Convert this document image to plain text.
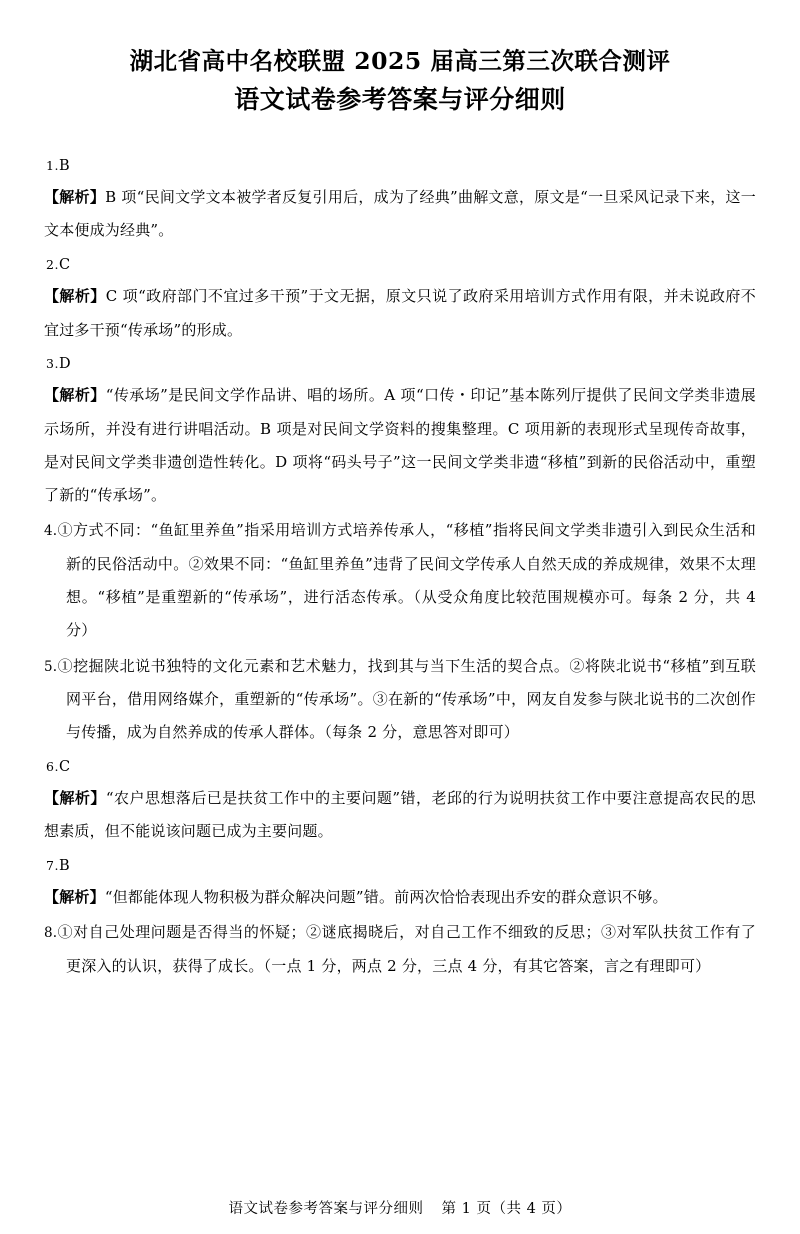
湖北省高中名校联盟 2025 届高三第三次联合测评
语文试卷参考答案与评分细则
1.B
【解析】B 项“民间文学文本被学者反复引用后，成为了经典”曲解文意，原文是“一旦采风记录下来，这一文本便成为经典”。
2.C
【解析】C 项“政府部门不宜过多干预”于文无据，原文只说了政府采用培训方式作用有限，并未说政府不宜过多干预“传承场”的形成。
3.D
【解析】“传承场”是民间文学作品讲、唱的场所。A 项“口传・印记”基本陈列厅提供了民间文学类非遗展示场所，并没有进行讲唱活动。B 项是对民间文学资料的搜集整理。C 项用新的表现形式呈现传奇故事，是对民间文学类非遗创造性转化。D 项将“码头号子”这一民间文学类非遗“移植”到新的民俗活动中，重塑了新的“传承场”。
4.①方式不同：“鱼缸里养鱼”指采用培训方式培养传承人，“移植”指将民间文学类非遗引入到民众生活和新的民俗活动中。②效果不同：“鱼缸里养鱼”违背了民间文学传承人自然天成的养成规律，效果不太理想。“移植”是重塑新的“传承场”，进行活态传承。（从受众角度比较范围规模亦可。每条 2 分，共 4 分）
5.①挖掘陕北说书独特的文化元素和艺术魅力，找到其与当下生活的契合点。②将陕北说书“移植”到互联网平台，借用网络媒介，重塑新的“传承场”。③在新的“传承场”中，网友自发参与陕北说书的二次创作与传播，成为自然养成的传承人群体。（每条 2 分，意思答对即可）
6.C
【解析】“农户思想落后已是扶贫工作中的主要问题”错，老邱的行为说明扶贫工作中要注意提高农民的思想素质，但不能说该问题已成为主要问题。
7.B
【解析】“但都能体现人物积极为群众解决问题”错。前两次恰恰表现出乔安的群众意识不够。
8.①对自己处理问题是否得当的怀疑；②谜底揭晓后，对自己工作不细致的反思；③对军队扶贫工作有了更深入的认识，获得了成长。（一点 1 分，两点 2 分，三点 4 分，有其它答案，言之有理即可）
语文试卷参考答案与评分细则 第 1 页（共 4 页）
